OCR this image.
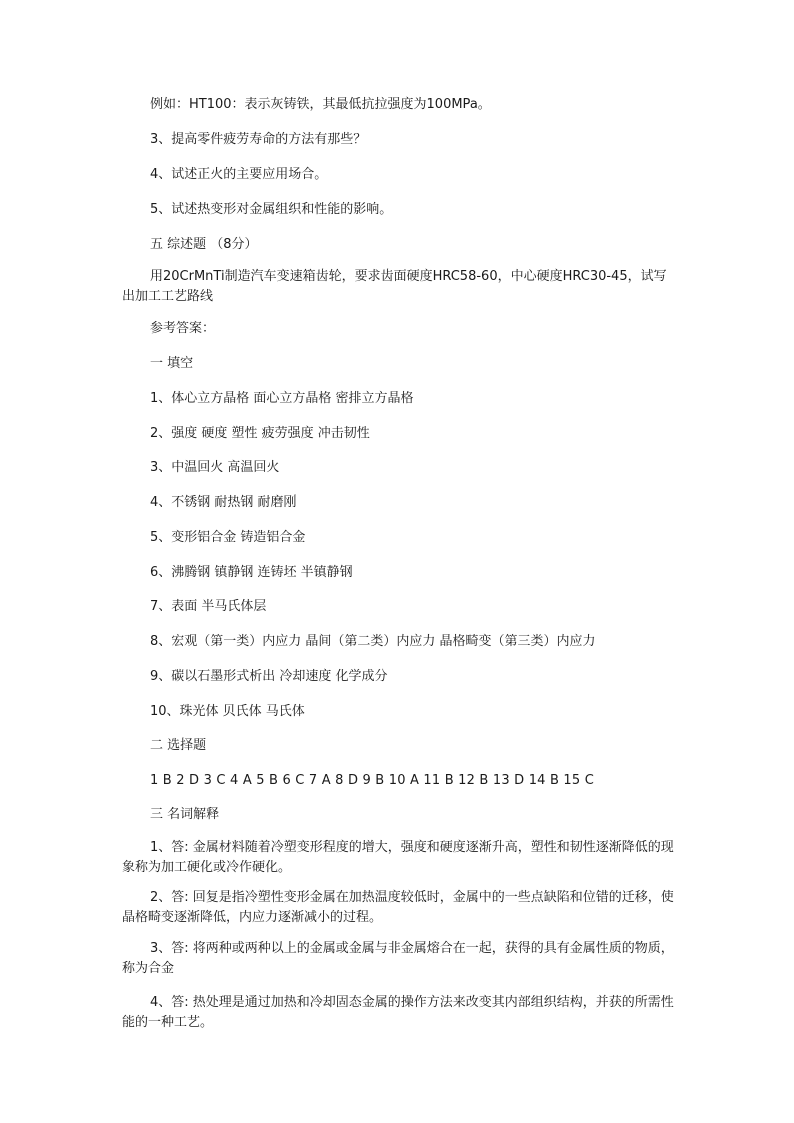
例如：HT100：表示灰铸铁，其最低抗拉强度为100MPa。
3、提高零件疲劳寿命的方法有那些？
4、试述正火的主要应用场合。
5、试述热变形对金属组织和性能的影响。
五 综述题 （8分）
用20CrMnTi制造汽车变速箱齿轮，要求齿面硬度HRC58-60，中心硬度HRC30-45，试写出加工工艺路线
参考答案：
一 填空
1、体心立方晶格 面心立方晶格 密排立方晶格
2、强度 硬度 塑性 疲劳强度 冲击韧性
3、中温回火 高温回火
4、不锈钢 耐热钢 耐磨刚
5、变形铝合金 铸造铝合金
6、沸腾钢 镇静钢 连铸坯 半镇静钢
7、表面 半马氏体层
8、宏观（第一类）内应力 晶间（第二类）内应力 晶格畸变（第三类）内应力
9、碳以石墨形式析出 冷却速度 化学成分
10、珠光体 贝氏体 马氏体
二 选择题
1 B 2 D 3 C 4 A 5 B 6 C 7 A 8 D 9 B 10 A 11 B 12 B 13 D 14 B 15 C
三 名词解释
1、答: 金属材料随着冷塑变形程度的增大，强度和硬度逐渐升高，塑性和韧性逐渐降低的现象称为加工硬化或冷作硬化。
2、答: 回复是指冷塑性变形金属在加热温度较低时，金属中的一些点缺陷和位错的迁移，使晶格畸变逐渐降低，内应力逐渐减小的过程。
3、答: 将两种或两种以上的金属或金属与非金属熔合在一起，获得的具有金属性质的物质，称为合金
4、答: 热处理是通过加热和冷却固态金属的操作方法来改变其内部组织结构，并获的所需性能的一种工艺。
